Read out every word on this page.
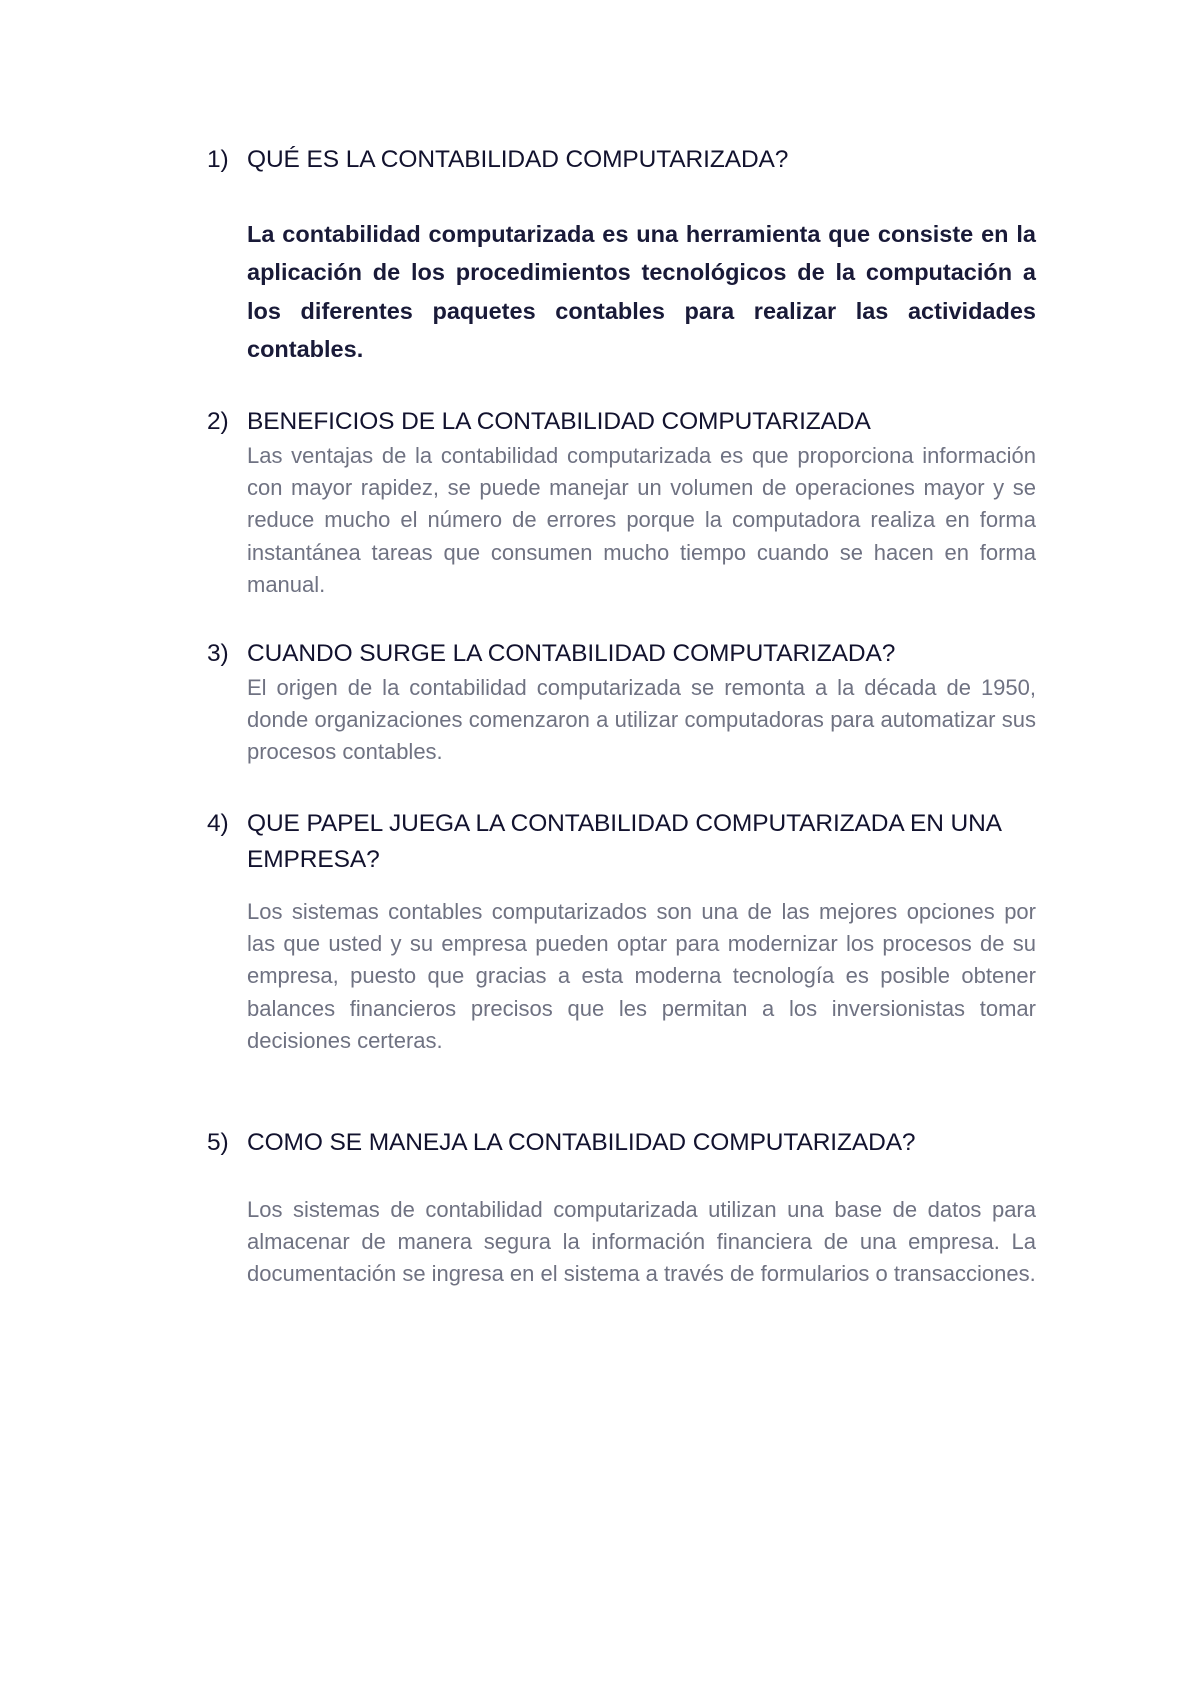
1) QUÉ ES LA CONTABILIDAD COMPUTARIZADA?
La contabilidad computarizada es una herramienta que consiste en la aplicación de los procedimientos tecnológicos de la computación a los diferentes paquetes contables para realizar las actividades contables.
2) BENEFICIOS DE LA CONTABILIDAD COMPUTARIZADA
Las ventajas de la contabilidad computarizada es que proporciona información con mayor rapidez, se puede manejar un volumen de operaciones mayor y se reduce mucho el número de errores porque la computadora realiza en forma instantánea tareas que consumen mucho tiempo cuando se hacen en forma manual.
3) CUANDO SURGE LA CONTABILIDAD COMPUTARIZADA?
El origen de la contabilidad computarizada se remonta a la década de 1950, donde organizaciones comenzaron a utilizar computadoras para automatizar sus procesos contables.
4) QUE PAPEL JUEGA LA CONTABILIDAD COMPUTARIZADA EN UNA EMPRESA?
Los sistemas contables computarizados son una de las mejores opciones por las que usted y su empresa pueden optar para modernizar los procesos de su empresa, puesto que gracias a esta moderna tecnología es posible obtener balances financieros precisos que les permitan a los inversionistas tomar decisiones certeras.
5) COMO SE MANEJA LA CONTABILIDAD COMPUTARIZADA?
Los sistemas de contabilidad computarizada utilizan una base de datos para almacenar de manera segura la información financiera de una empresa. La documentación se ingresa en el sistema a través de formularios o transacciones.
